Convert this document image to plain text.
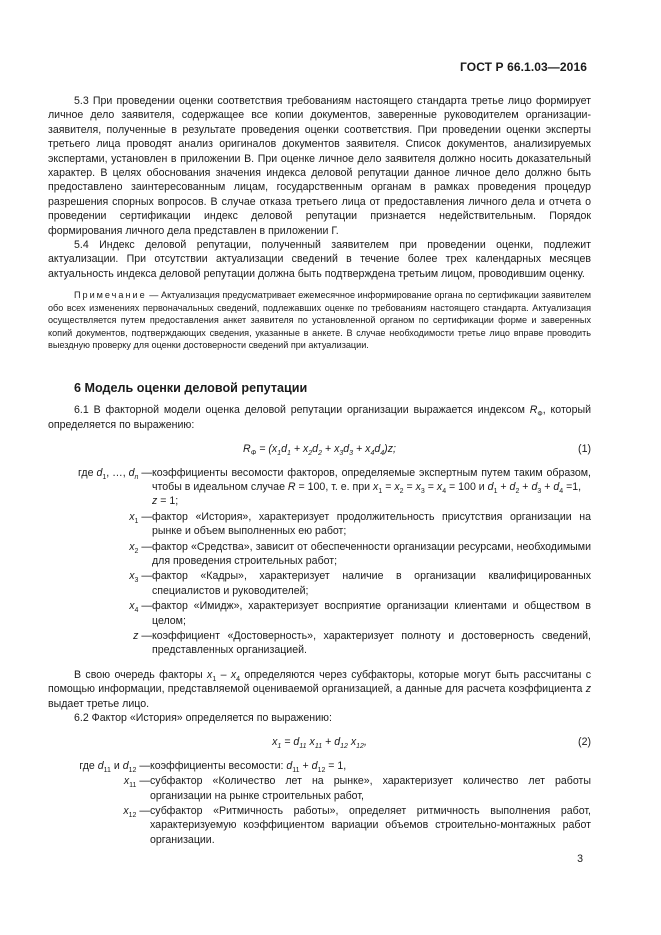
ГОСТ Р 66.1.03—2016

5.3 При проведении оценки соответствия требованиям настоящего стандарта третье лицо формирует личное дело заявителя, содержащее все копии документов, заверенные руководителем организации-заявителя, полученные в результате проведения оценки соответствия. При проведении оценки эксперты третьего лица проводят анализ оригиналов документов заявителя. Список документов, анализируемых экспертами, установлен в приложении В. При оценке личное дело заявителя должно носить доказательный характер. В целях обоснования значения индекса деловой репутации данное личное дело должно быть предоставлено заинтересованным лицам, государственным органам в рамках проведения процедур разрешения спорных вопросов. В случае отказа третьего лица от предоставления личного дела и отчета о проведении сертификации индекс деловой репутации признается недействительным. Порядок формирования личного дела представлен в приложении Г.

5.4 Индекс деловой репутации, полученный заявителем при проведении оценки, подлежит актуализации. При отсутствии актуализации сведений в течение более трех календарных месяцев актуальность индекса деловой репутации должна быть подтверждена третьим лицом, проводившим оценку.

Примечание — Актуализация предусматривает ежемесячное информирование органа по сертификации заявителем обо всех изменениях первоначальных сведений, подлежавших оценке по требованиям настоящего стандарта. Актуализация осуществляется путем предоставления анкет заявителя по установленной органом по сертификации форме и заверенных копий документов, подтверждающих сведения, указанные в анкете. В случае необходимости третье лицо вправе проводить выездную проверку для оценки достоверности сведений при актуализации.

6 Модель оценки деловой репутации

6.1 В факторной модели оценка деловой репутации организации выражается индексом $R_Ф$, который определяется по выражению:

$R_Ф = (x_1d_1 + x_2d_2 + x_3d_3 + x_4d_4)z$;	(1)
где $d_1$, …, $d_n$ — коэффициенты весомости факторов, определяемые экспертным путем таким образом, чтобы в идеальном случае R = 100, т. е. при $x_1 = x_2 = x_3 = x_4 = 100$ и $d_1 + d_2 + d_3 + d_4 =1$,
z = 1;
$x_1$ — фактор «История», характеризует продолжительность присутствия организации на рынке и объем выполненных ею работ;
$x_2$ — фактор «Средства», зависит от обеспеченности организации ресурсами, необходимыми для проведения строительных работ;
$x_3$ — фактор «Кадры», характеризует наличие в организации квалифицированных специалистов и руководителей;
$x_4$ — фактор «Имидж», характеризует восприятие организации клиентами и обществом в целом;
z — коэффициент «Достоверность», характеризует полноту и достоверность сведений, представленных организацией.

В свою очередь факторы $x_1 - x_4$ определяются через субфакторы, которые могут быть рассчитаны с помощью информации, представляемой оцениваемой организацией, а данные для расчета коэффициента z выдает третье лицо.

6.2 Фактор «История» определяется по выражению:

$x_1 = d_{11}$ $x_{11} + d_{12}$ $x_{12}$,	(2)
где $d_{11}$ и $d_{12}$ — коэффициенты весомости: $d_{11} + d_{12} = 1$,
$x_{11}$ — субфактор «Количество лет на рынке», характеризует количество лет работы организации на рынке строительных работ,
$x_{12}$ — субфактор «Ритмичность работы», определяет ритмичность выполнения работ, характеризуемую коэффициентом вариации объемов строительно-монтажных работ организации.
3
